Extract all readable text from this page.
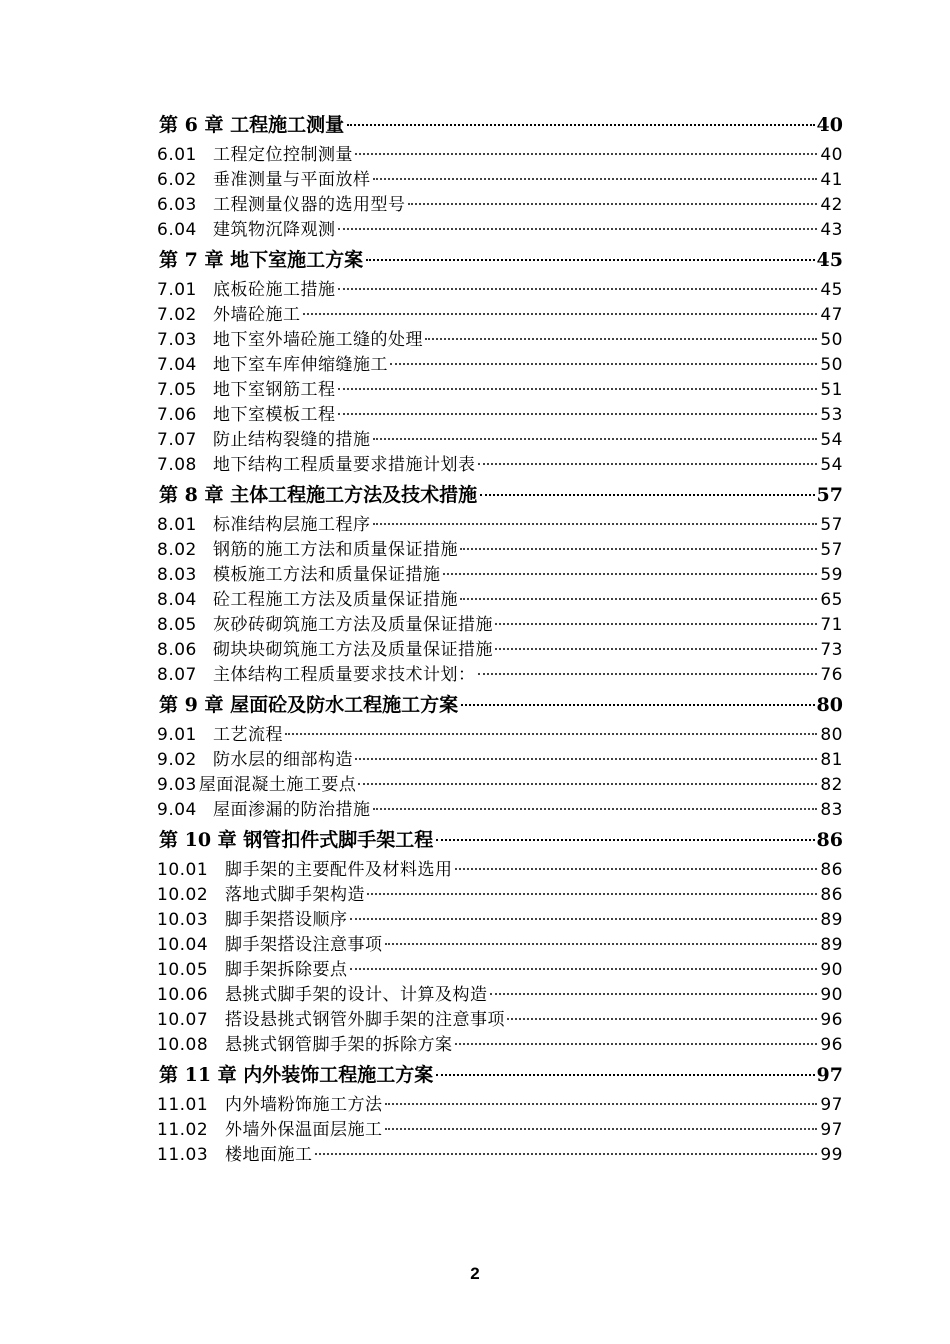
第 6 章 工程施工测量	40
6.01 工程定位控制测量	40
6.02 垂准测量与平面放样	41
6.03 工程测量仪器的选用型号	42
6.04 建筑物沉降观测	43
第 7 章 地下室施工方案	45
7.01 底板砼施工措施	45
7.02 外墙砼施工	47
7.03 地下室外墙砼施工缝的处理	50
7.04 地下室车库伸缩缝施工	50
7.05 地下室钢筋工程	51
7.06 地下室模板工程	53
7.07 防止结构裂缝的措施	54
7.08 地下结构工程质量要求措施计划表	54
第 8 章 主体工程施工方法及技术措施	57
8.01 标准结构层施工程序	57
8.02 钢筋的施工方法和质量保证措施	57
8.03 模板施工方法和质量保证措施	59
8.04 砼工程施工方法及质量保证措施	65
8.05 灰砂砖砌筑施工方法及质量保证措施	71
8.06 砌块块砌筑施工方法及质量保证措施	73
8.07 主体结构工程质量要求技术计划：	76
第 9 章 屋面砼及防水工程施工方案	80
9.01 工艺流程	80
9.02 防水层的细部构造	81
9.03 屋面混凝土施工要点	82
9.04 屋面渗漏的防治措施	83
第 10 章 钢管扣件式脚手架工程	86
10.01 脚手架的主要配件及材料选用	86
10.02 落地式脚手架构造	86
10.03 脚手架搭设顺序	89
10.04 脚手架搭设注意事项	89
10.05 脚手架拆除要点	90
10.06 悬挑式脚手架的设计、计算及构造	90
10.07 搭设悬挑式钢管外脚手架的注意事项	96
10.08 悬挑式钢管脚手架的拆除方案	96
第 11 章 内外装饰工程施工方案	97
11.01 内外墙粉饰施工方法	97
11.02 外墙外保温面层施工	97
11.03 楼地面施工	99
2
